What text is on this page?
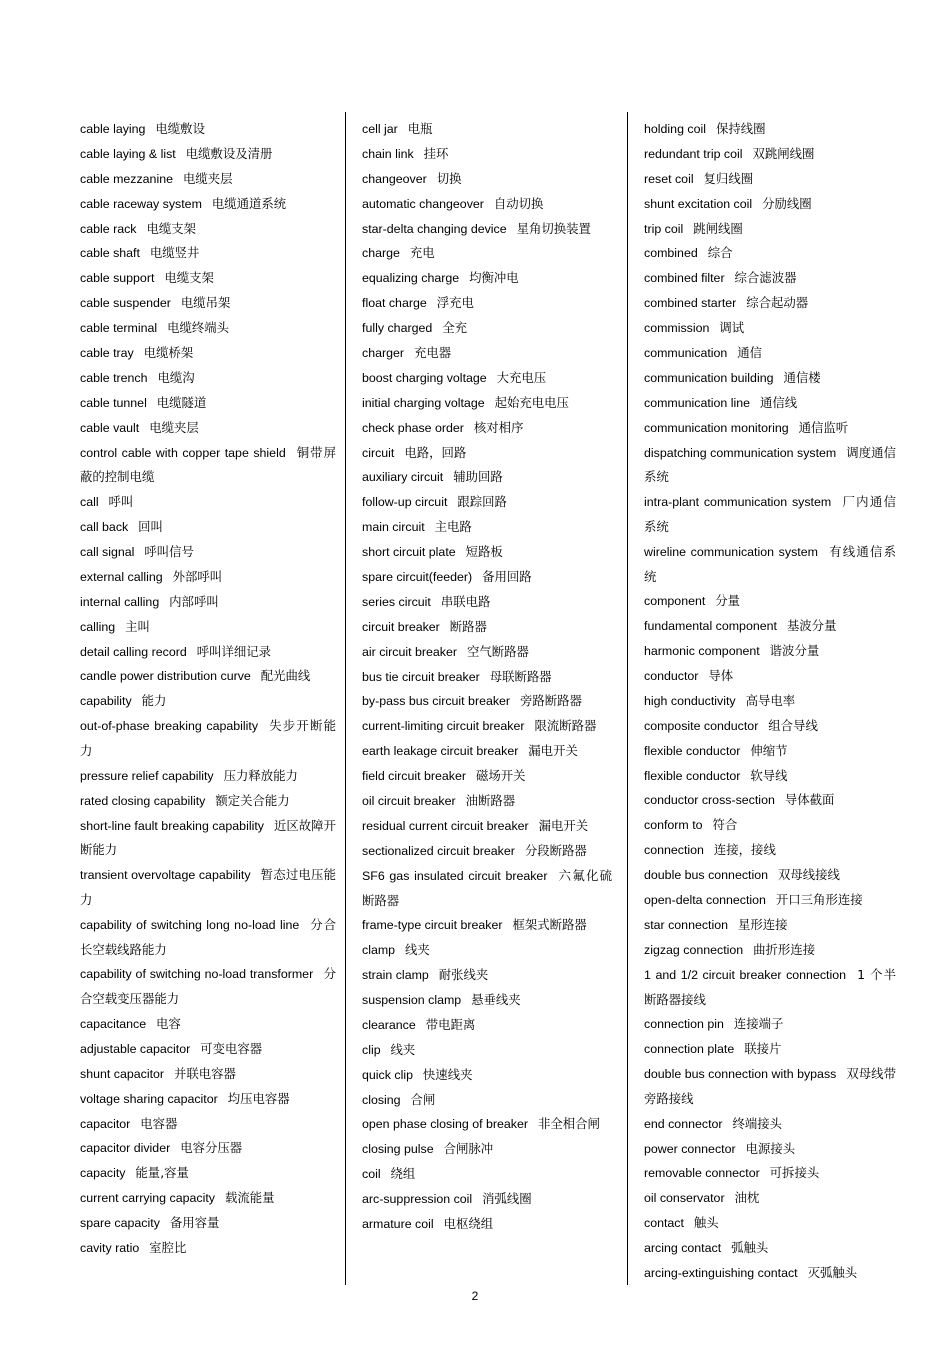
cable laying 电缆敷设
cable laying & list 电缆敷设及清册
cable mezzanine 电缆夹层
cable raceway system 电缆通道系统
cable rack 电缆支架
cable shaft 电缆竖井
cable support 电缆支架
cable suspender 电缆吊架
cable terminal 电缆终端头
cable tray 电缆桥架
cable trench 电缆沟
cable tunnel 电缆隧道
cable vault 电缆夹层
control cable with copper tape shield 铜带屏蔽的控制电缆
call 呼叫
call back 回叫
call signal 呼叫信号
external calling 外部呼叫
internal calling 内部呼叫
calling 主叫
detail calling record 呼叫详细记录
candle power distribution curve 配光曲线
capability 能力
out-of-phase breaking capability 失步开断能力
pressure relief capability 压力释放能力
rated closing capability 额定关合能力
short-line fault breaking capability 近区故障开断能力
transient overvoltage capability 暂态过电压能力
capability of switching long no-load line 分合长空载线路能力
capability of switching no-load transformer 分合空载变压器能力
capacitance 电容
adjustable capacitor 可变电容器
shunt capacitor 并联电容器
voltage sharing capacitor 均压电容器
capacitor 电容器
capacitor divider 电容分压器
capacity 能量,容量
current carrying capacity 载流能量
spare capacity 备用容量
cavity ratio 室腔比
cell jar 电瓶
chain link 挂环
changeover 切换
automatic changeover 自动切换
star-delta changing device 星角切换装置
charge 充电
equalizing charge 均衡冲电
float charge 浮充电
fully charged 全充
charger 充电器
boost charging voltage 大充电压
initial charging voltage 起始充电电压
check phase order 核对相序
circuit 电路，回路
auxiliary circuit 辅助回路
follow-up circuit 跟踪回路
main circuit 主电路
short circuit plate 短路板
spare circuit(feeder) 备用回路
series circuit 串联电路
circuit breaker 断路器
air circuit breaker 空气断路器
bus tie circuit breaker 母联断路器
by-pass bus circuit breaker 旁路断路器
current-limiting circuit breaker 限流断路器
earth leakage circuit breaker 漏电开关
field circuit breaker 磁场开关
oil circuit breaker 油断路器
residual current circuit breaker 漏电开关
sectionalized circuit breaker 分段断路器
SF6 gas insulated circuit breaker 六氟化硫断路器
frame-type circuit breaker 框架式断路器
clamp 线夹
strain clamp 耐张线夹
suspension clamp 悬垂线夹
clearance 带电距离
clip 线夹
quick clip 快速线夹
closing 合闸
open phase closing of breaker 非全相合闸
closing pulse 合闸脉冲
coil 绕组
arc-suppression coil 消弧线圈
armature coil 电枢绕组
holding coil 保持线圈
redundant trip coil 双跳闸线圈
reset coil 复归线圈
shunt excitation coil 分励线圈
trip coil 跳闸线圈
combined 综合
combined filter 综合滤波器
combined starter 综合起动器
commission 调试
communication 通信
communication building 通信楼
communication line 通信线
communication monitoring 通信监听
dispatching communication system 调度通信系统
intra-plant communication system 厂内通信系统
wireline communication system 有线通信系统
component 分量
fundamental component 基波分量
harmonic component 谐波分量
conductor 导体
high conductivity 高导电率
composite conductor 组合导线
flexible conductor 伸缩节
flexible conductor 软导线
conductor cross-section 导体截面
conform to 符合
connection 连接，接线
double bus connection 双母线接线
open-delta connection 开口三角形连接
star connection 星形连接
zigzag connection 曲折形连接
1 and 1/2 circuit breaker connection 1 个半断路器接线
connection pin 连接端子
connection plate 联接片
double bus connection with bypass 双母线带旁路接线
end connector 终端接头
power connector 电源接头
removable connector 可拆接头
oil conservator 油枕
contact 触头
arcing contact 弧触头
arcing-extinguishing contact 灭弧触头
2
